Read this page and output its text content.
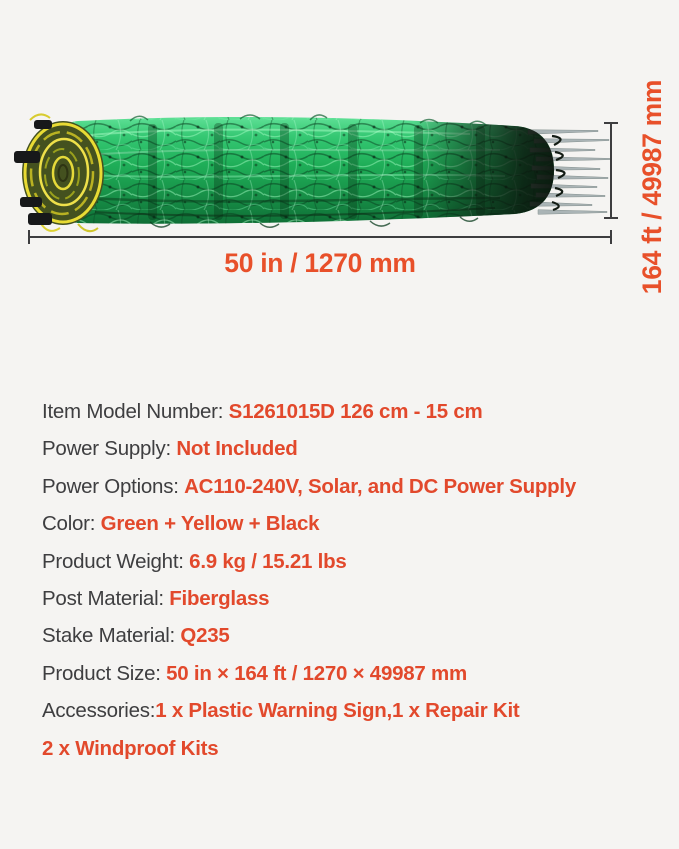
50 in / 1270 mm	164 ft / 49987 mm
Item Model Number: S1261015D 126 cm - 15 cm
Power Supply: Not Included
Power Options: AC110-240V, Solar, and DC Power Supply
Color: Green + Yellow + Black
Product Weight: 6.9 kg / 15.21 lbs
Post Material: Fiberglass
Stake Material: Q235
Product Size: 50 in × 164 ft / 1270 × 49987 mm
Accessories:1 x Plastic Warning Sign,1 x Repair Kit
2 x Windproof Kits
